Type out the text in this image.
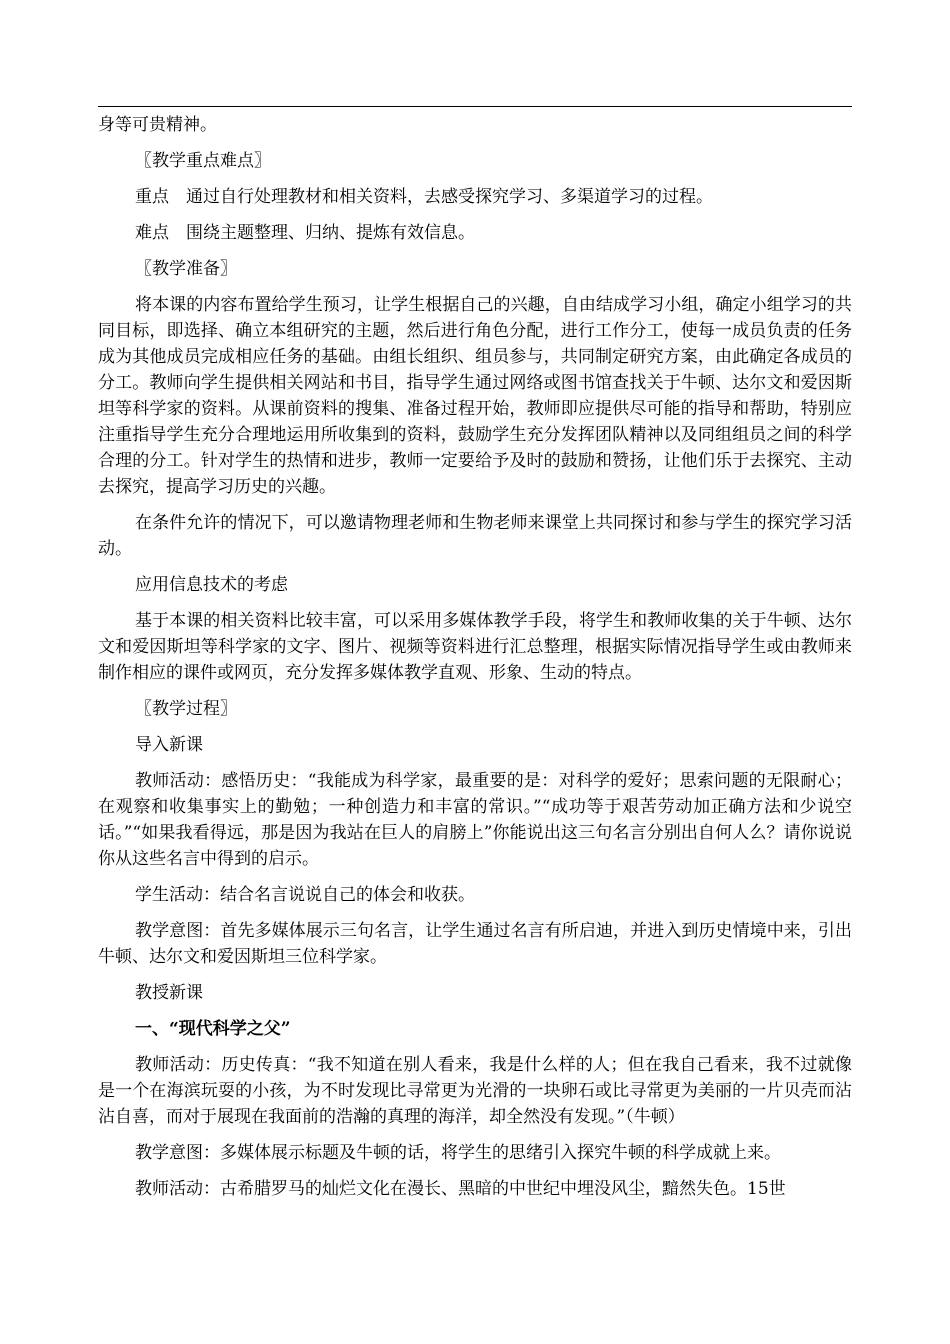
身等可贵精神。

〖教学重点难点〗

重点　通过自行处理教材和相关资料，去感受探究学习、多渠道学习的过程。

难点　围绕主题整理、归纳、提炼有效信息。

〖教学准备〗

将本课的内容布置给学生预习，让学生根据自己的兴趣，自由结成学习小组，确定小组学习的共同目标，即选择、确立本组研究的主题，然后进行角色分配，进行工作分工，使每一成员负责的任务成为其他成员完成相应任务的基础。由组长组织、组员参与，共同制定研究方案，由此确定各成员的分工。教师向学生提供相关网站和书目，指导学生通过网络或图书馆查找关于牛顿、达尔文和爱因斯坦等科学家的资料。从课前资料的搜集、准备过程开始，教师即应提供尽可能的指导和帮助，特别应注重指导学生充分合理地运用所收集到的资料，鼓励学生充分发挥团队精神以及同组组员之间的科学合理的分工。针对学生的热情和进步，教师一定要给予及时的鼓励和赞扬，让他们乐于去探究、主动去探究，提高学习历史的兴趣。

在条件允许的情况下，可以邀请物理老师和生物老师来课堂上共同探讨和参与学生的探究学习活动。

应用信息技术的考虑

基于本课的相关资料比较丰富，可以采用多媒体教学手段，将学生和教师收集的关于牛顿、达尔文和爱因斯坦等科学家的文字、图片、视频等资料进行汇总整理，根据实际情况指导学生或由教师来制作相应的课件或网页，充分发挥多媒体教学直观、形象、生动的特点。

〖教学过程〗

导入新课

教师活动：感悟历史：“我能成为科学家，最重要的是：对科学的爱好；思索问题的无限耐心；在观察和收集事实上的勤勉；一种创造力和丰富的常识。”“成功等于艰苦劳动加正确方法和少说空话。”“如果我看得远，那是因为我站在巨人的肩膀上”你能说出这三句名言分别出自何人么？请你说说你从这些名言中得到的启示。

学生活动：结合名言说说自己的体会和收获。

教学意图：首先多媒体展示三句名言，让学生通过名言有所启迪，并进入到历史情境中来，引出牛顿、达尔文和爱因斯坦三位科学家。

教授新课

一、“现代科学之父”

教师活动：历史传真：“我不知道在别人看来，我是什么样的人；但在我自己看来，我不过就像是一个在海滨玩耍的小孩，为不时发现比寻常更为光滑的一块卵石或比寻常更为美丽的一片贝壳而沾沾自喜，而对于展现在我面前的浩瀚的真理的海洋，却全然没有发现。”（牛顿）

教学意图：多媒体展示标题及牛顿的话，将学生的思绪引入探究牛顿的科学成就上来。

教师活动：古希腊罗马的灿烂文化在漫长、黑暗的中世纪中埋没风尘，黯然失色。15世
